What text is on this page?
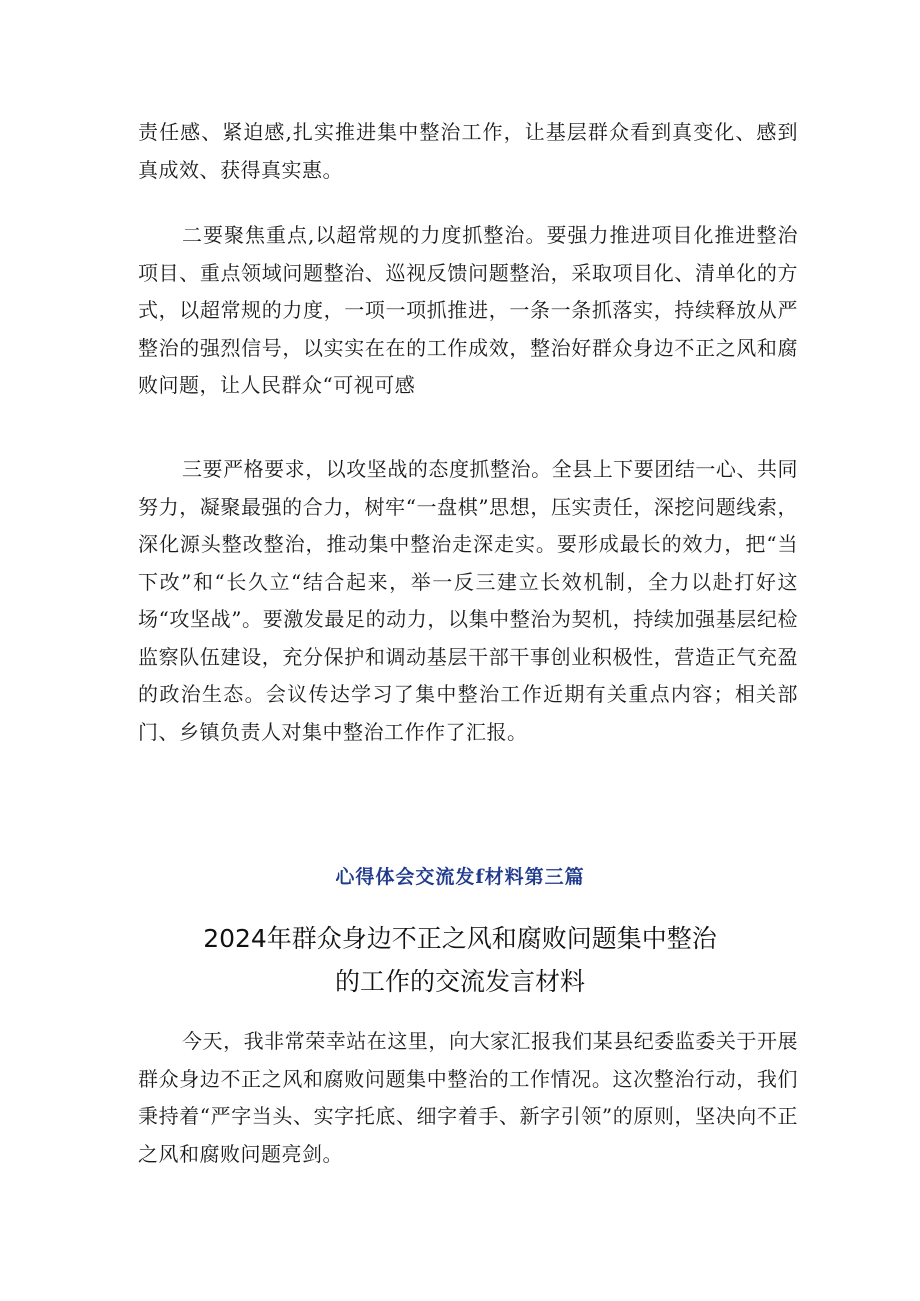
责任感、紧迫感,扎实推进集中整治工作，让基层群众看到真变化、感到真成效、获得真实惠。

二要聚焦重点,以超常规的力度抓整治。要强力推进项目化推进整治项目、重点领域问题整治、巡视反馈问题整治，采取项目化、清单化的方式，以超常规的力度，一项一项抓推进，一条一条抓落实，持续释放从严整治的强烈信号，以实实在在的工作成效，整治好群众身边不正之风和腐败问题，让人民群众“可视可感

三要严格要求，以攻坚战的态度抓整治。全县上下要团结一心、共同努力，凝聚最强的合力，树牢“一盘棋”思想，压实责任，深挖问题线索，深化源头整改整治，推动集中整治走深走实。要形成最长的效力，把“当下改”和“长久立“结合起来，举一反三建立长效机制，全力以赴打好这场“攻坚战”。要激发最足的动力，以集中整治为契机，持续加强基层纪检监察队伍建设，充分保护和调动基层干部干事创业积极性，营造正气充盈的政治生态。会议传达学习了集中整治工作近期有关重点内容；相关部门、乡镇负责人对集中整治工作作了汇报。

心得体会交流发f材料第三篇

2024年群众身边不正之风和腐败问题集中整治

的工作的交流发言材料

今天，我非常荣幸站在这里，向大家汇报我们某县纪委监委关于开展群众身边不正之风和腐败问题集中整治的工作情况。这次整治行动，我们秉持着“严字当头、实字托底、细字着手、新字引领”的原则，坚决向不正之风和腐败问题亮剑。
